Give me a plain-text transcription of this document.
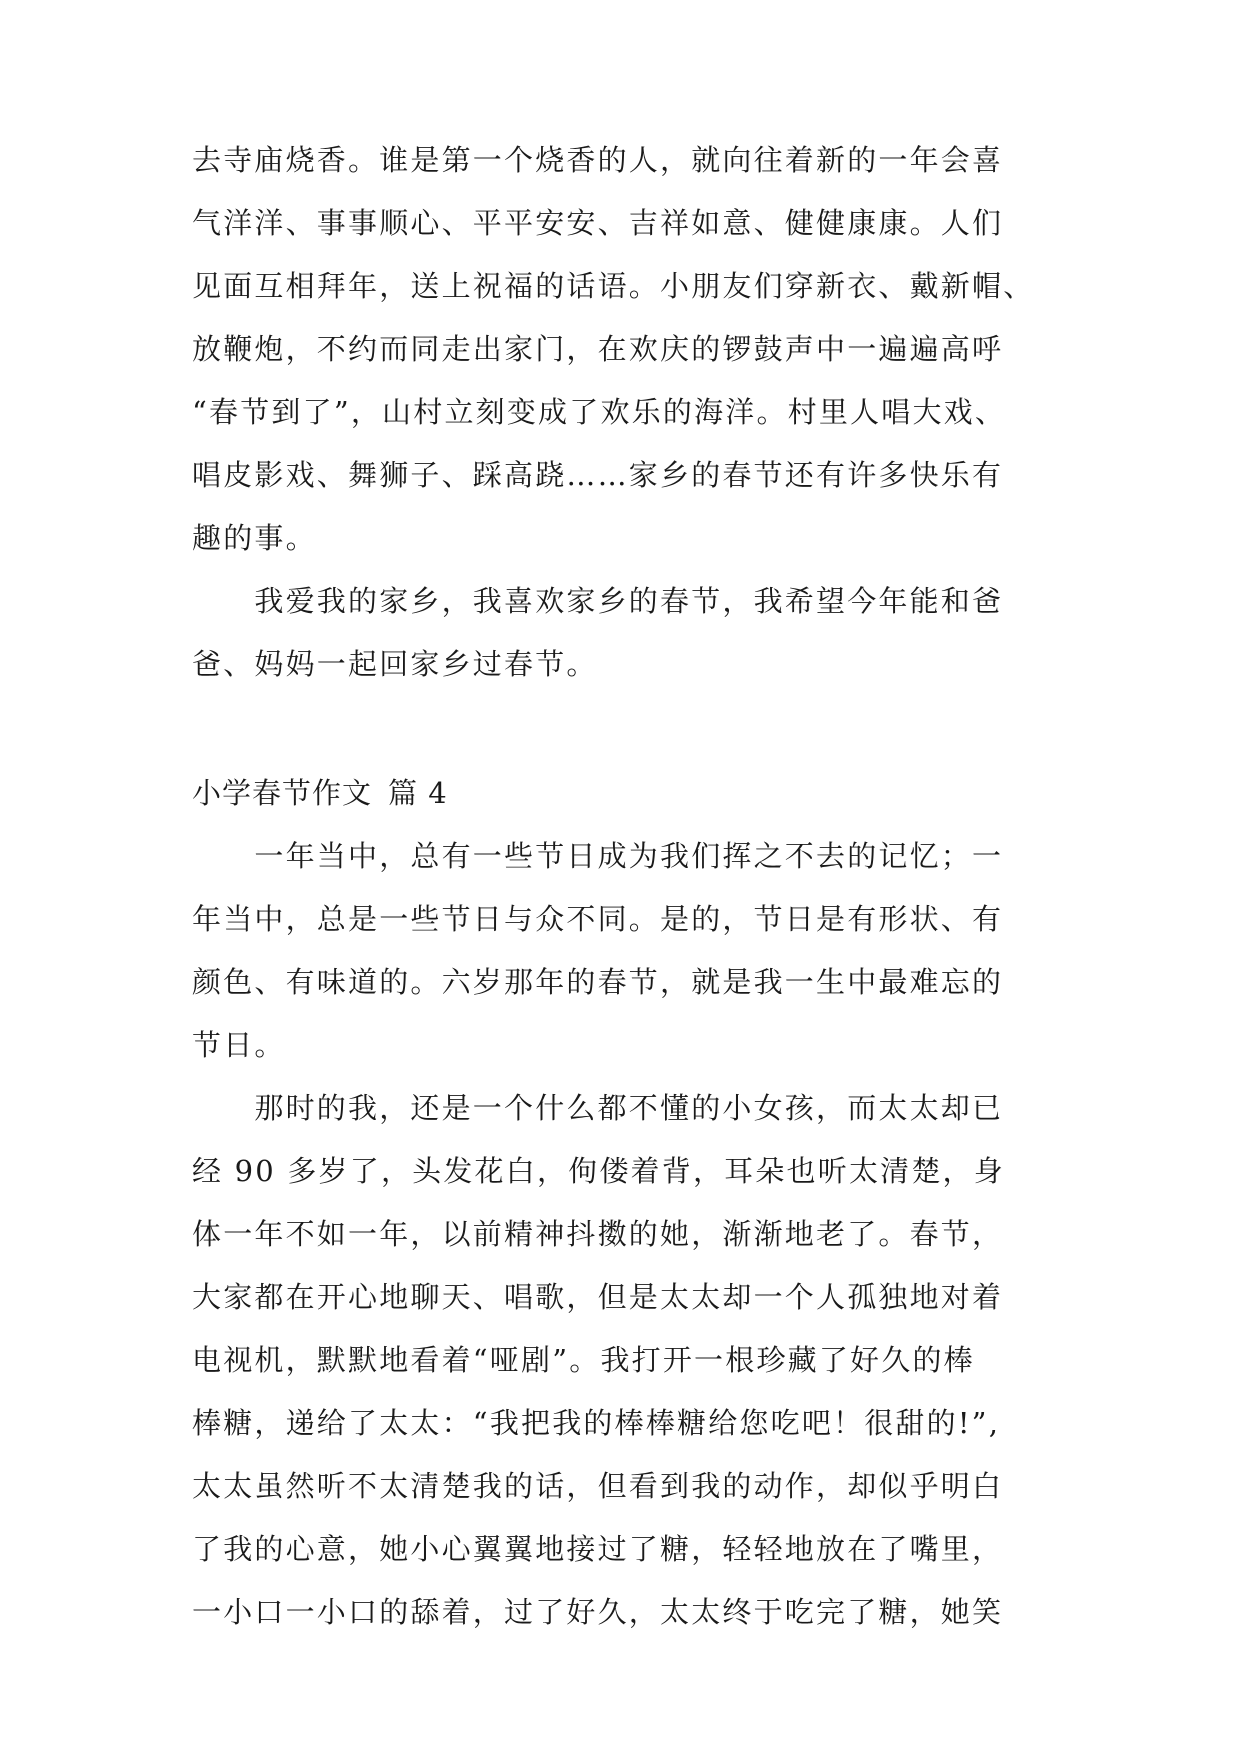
去寺庙烧香。谁是第一个烧香的人，就向往着新的一年会喜
气洋洋、事事顺心、平平安安、吉祥如意、健健康康。人们
见面互相拜年，送上祝福的话语。小朋友们穿新衣、戴新帽、
放鞭炮，不约而同走出家门，在欢庆的锣鼓声中一遍遍高呼
“春节到了”，山村立刻变成了欢乐的海洋。村里人唱大戏、
唱皮影戏、舞狮子、踩高跷……家乡的春节还有许多快乐有
趣的事。
　　我爱我的家乡，我喜欢家乡的春节，我希望今年能和爸
爸、妈妈一起回家乡过春节。
小学春节作文 篇 4
　　一年当中，总有一些节日成为我们挥之不去的记忆；一
年当中，总是一些节日与众不同。是的，节日是有形状、有
颜色、有味道的。六岁那年的春节，就是我一生中最难忘的
节日。
　　那时的我，还是一个什么都不懂的小女孩，而太太却已
经 90 多岁了，头发花白，佝偻着背，耳朵也听太清楚，身
体一年不如一年，以前精神抖擞的她，渐渐地老了。春节，
大家都在开心地聊天、唱歌，但是太太却一个人孤独地对着
电视机，默默地看着“哑剧”。我打开一根珍藏了好久的棒
棒糖，递给了太太：“我把我的棒棒糖给您吃吧！很甜的!”,
太太虽然听不太清楚我的话，但看到我的动作，却似乎明白
了我的心意，她小心翼翼地接过了糖，轻轻地放在了嘴里，
一小口一小口的舔着，过了好久，太太终于吃完了糖，她笑
